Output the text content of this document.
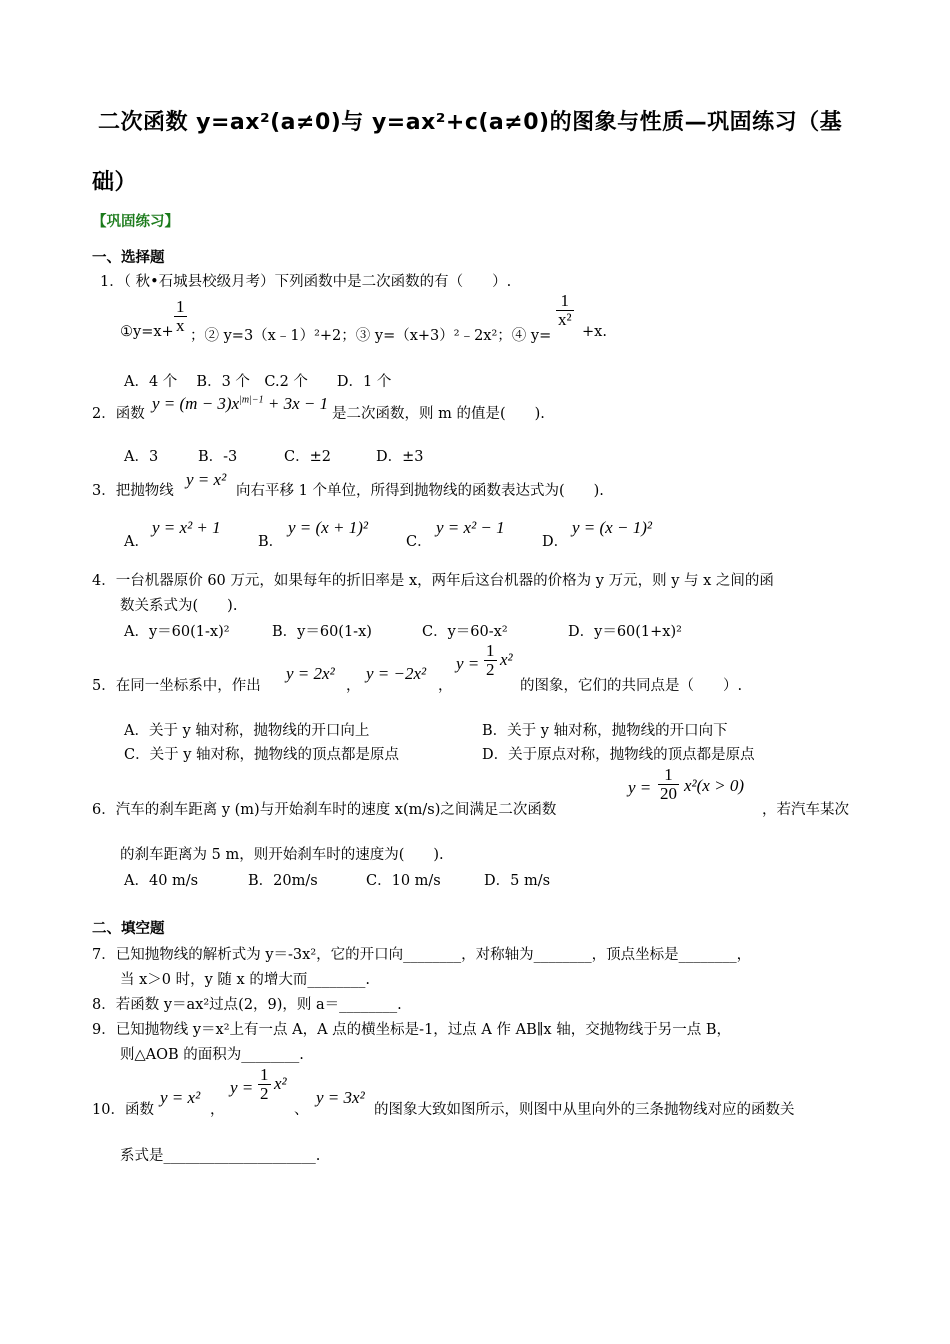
二次函数 y=ax²(a≠0)与 y=ax²+c(a≠0)的图象与性质—巩固练习（基
础）
【巩固练习】
一、选择题
1．（ 秋•石城县校级月考）下列函数中是二次函数的有（　　）.
①y=x+ $\frac{1}{x}$
；② y=3（x﹣1）²+2；③ y=（x+3）²﹣2x²；④ y=
$\frac{1}{\text{x²}}$
+x.
A．4 个　 B．3 个　C.2 个　　D．1 个
2．函数
$y = (m - 3)x^{|m|-1} + 3x - 1$
是二次函数，则 m 的值是(　　).
A．3	B．-3	C．±2	D．±3
3．把抛物线
y = x²
向右平移 1 个单位，所得到抛物线的函数表达式为(　　).
A．
y = x² + 1
B．
y = (x + 1)²
C．
y = x² − 1
D．
y = (x − 1)²
4．一台机器原价 60 万元，如果每年的折旧率是 x，两年后这台机器的价格为 y 万元，则 y 与 x 之间的函
数关系式为(　　).
A．y＝60(1-x)²	B．y＝60(1-x)	C．y＝60-x²	D．y＝60(1+x)²
5．在同一坐标系中，作出
y = 2x²
，
y = −2x²
，
$y = \frac{1}{2} x^2$
的图象，它们的共同点是（　　）.
A．关于 y 轴对称，抛物线的开口向上	B．关于 y 轴对称，抛物线的开口向下
C．关于 y 轴对称，抛物线的顶点都是原点	D．关于原点对称，抛物线的顶点都是原点
6．汽车的刹车距离 y (m)与开始刹车时的速度 x(m/s)之间满足二次函数
$y = \frac{1}{20} x^2(x > 0)$
，若汽车某次
的刹车距离为 5 m，则开始刹车时的速度为(　　).
A．40 m/s	B．20m/s	C．10 m/s	D．5 m/s
二、填空题
7．已知抛物线的解析式为 y＝-3x²，它的开口向________，对称轴为________，顶点坐标是________，
当 x＞0 时，y 随 x 的增大而________.
8．若函数 y＝ax²过点(2，9)，则 a＝________.
9．已知抛物线 y＝x²上有一点 A，A 点的横坐标是-1，过点 A 作 AB∥x 轴，交抛物线于另一点 B，
则△AOB 的面积为________.
10．函数
y = x²
，
$y = \frac{1}{2} x^2$
、
y = 3x²
的图象大致如图所示，则图中从里向外的三条抛物线对应的函数关
系式是_____________________.
